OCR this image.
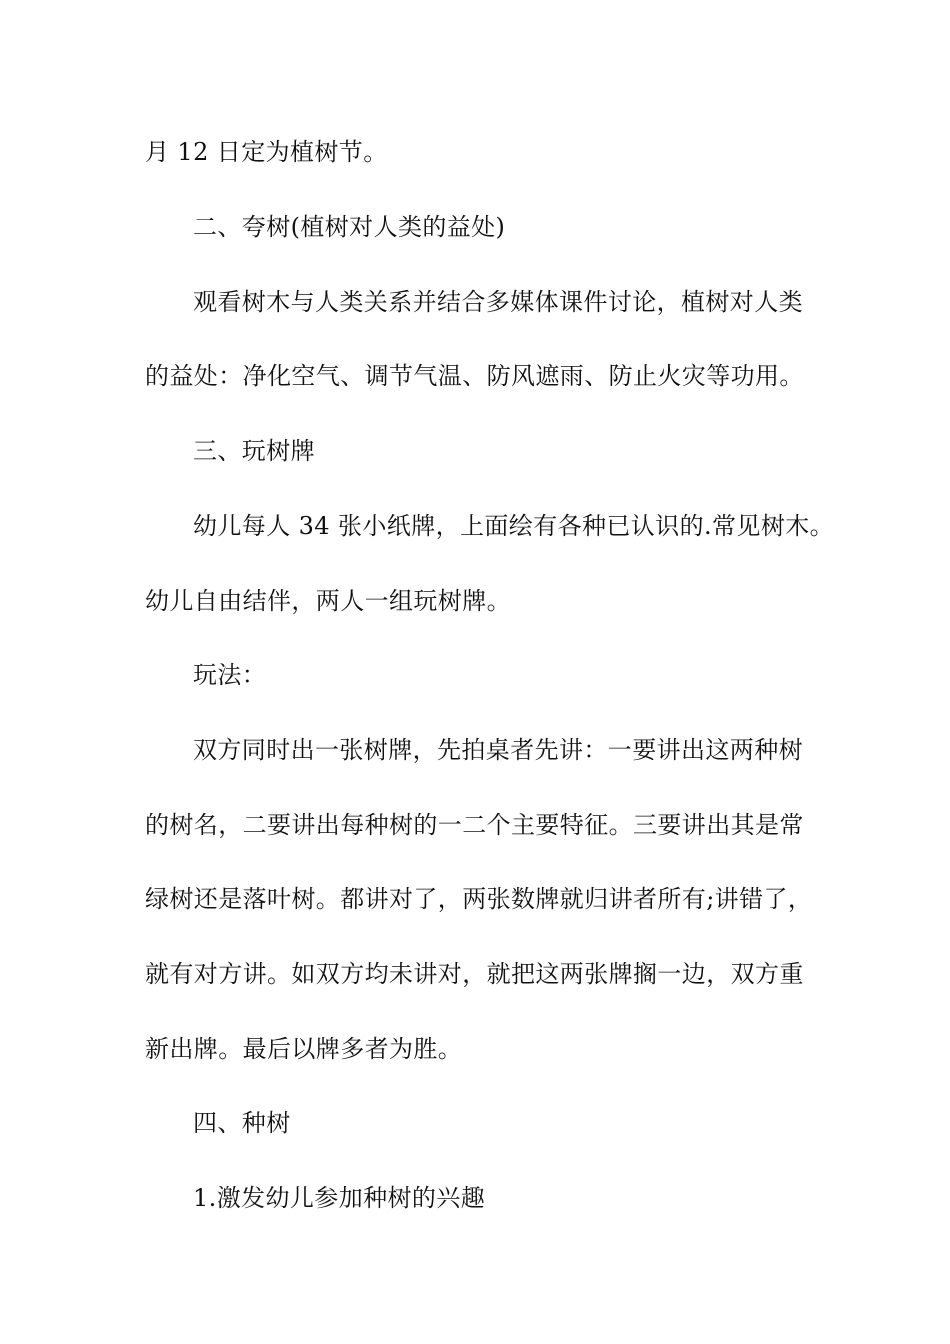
月 12 日定为植树节。
二、夸树(植树对人类的益处)
观看树木与人类关系并结合多媒体课件讨论，植树对人类
的益处：净化空气、调节气温、防风遮雨、防止火灾等功用。
三、玩树牌
幼儿每人 34 张小纸牌，上面绘有各种已认识的.常见树木。
幼儿自由结伴，两人一组玩树牌。
玩法：
双方同时出一张树牌，先拍桌者先讲：一要讲出这两种树
的树名，二要讲出每种树的一二个主要特征。三要讲出其是常
绿树还是落叶树。都讲对了，两张数牌就归讲者所有;讲错了，
就有对方讲。如双方均未讲对，就把这两张牌搁一边，双方重
新出牌。最后以牌多者为胜。
四、种树
1.激发幼儿参加种树的兴趣
